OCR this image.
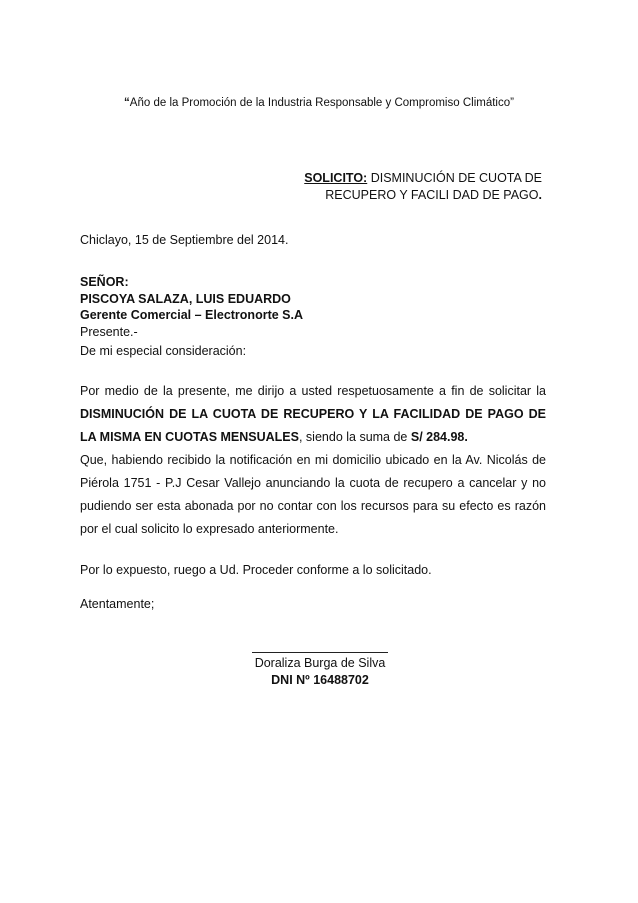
“Año de la Promoción de la Industria Responsable y Compromiso Climático”
SOLICITO: DISMINUCIÓN DE CUOTA DE RECUPERO Y FACILI DAD DE PAGO.
Chiclayo, 15 de Septiembre del 2014.
SEÑOR:
PISCOYA SALAZA, LUIS EDUARDO
Gerente Comercial – Electronorte S.A
Presente.-
De mi especial consideración:
Por medio de la presente, me dirijo a usted respetuosamente a fin de solicitar la DISMINUCIÓN DE LA CUOTA DE RECUPERO Y LA FACILIDAD DE PAGO DE LA MISMA EN CUOTAS MENSUALES, siendo la suma de S/ 284.98.
Que, habiendo recibido la notificación en mi domicilio ubicado en la Av. Nicolás de Piérola 1751 - P.J Cesar Vallejo anunciando la cuota de recupero a cancelar y no pudiendo ser esta abonada por no contar con los recursos para su efecto es razón por el cual solicito lo expresado anteriormente.
Por lo expuesto, ruego a Ud. Proceder conforme a lo solicitado.
Atentamente;
Doraliza Burga de Silva
DNI Nº 16488702
